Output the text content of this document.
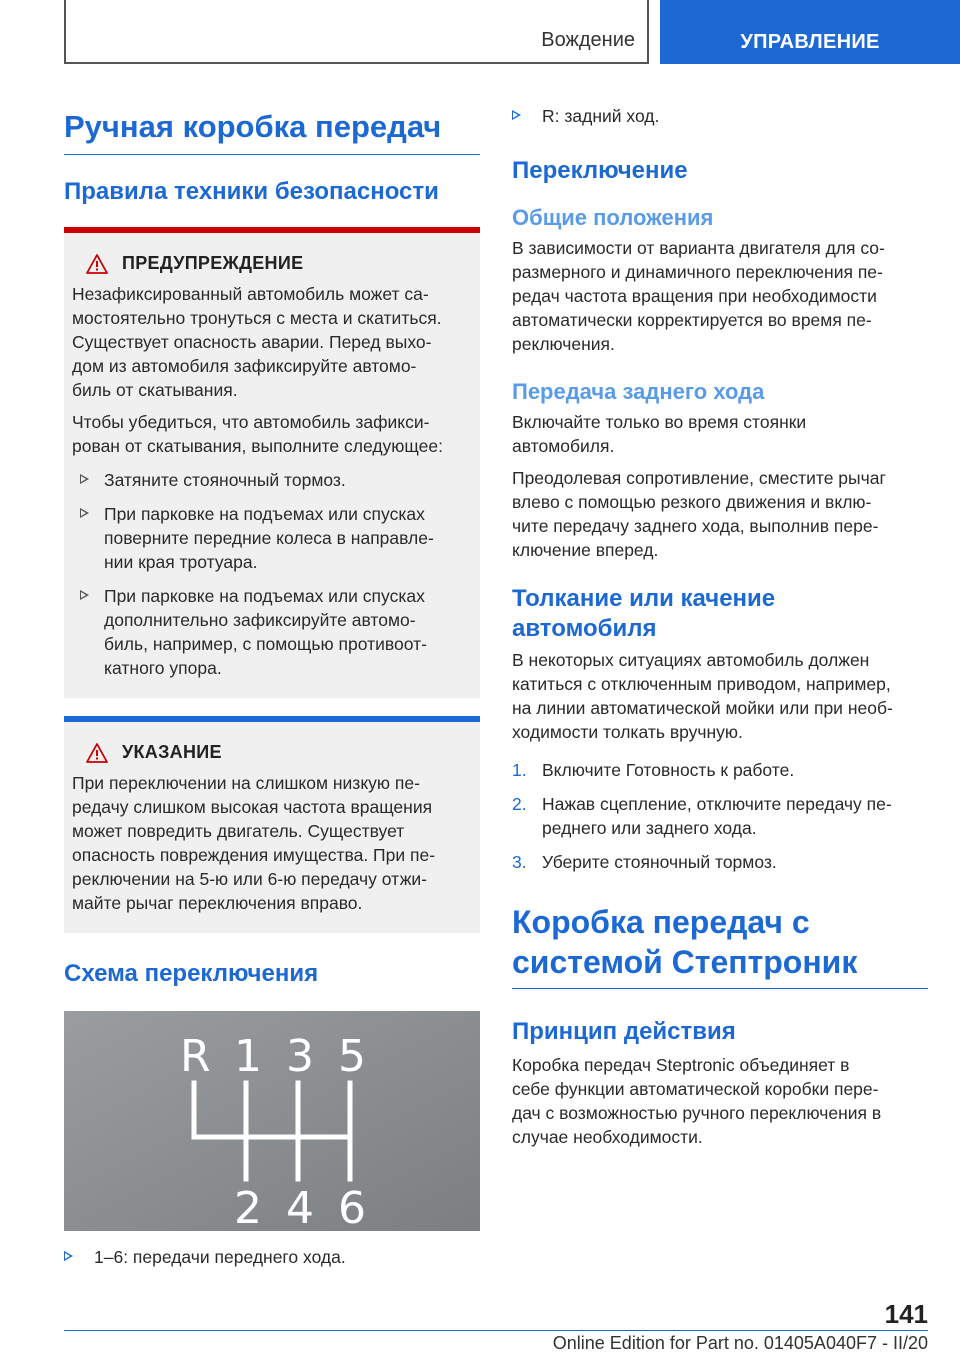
Вождение	УПРАВЛЕНИЕ
Ручная коробка передач
Правила техники безопасности
ПРЕДУПРЕЖДЕНИЕ
Незафиксированный автомобиль может са-
мостоятельно тронуться с места и скатиться.
Существует опасность аварии. Перед выхо-
дом из автомобиля зафиксируйте автомо-
биль от скатывания.
Чтобы убедиться, что автомобиль зафикси-
рован от скатывания, выполните следующее:
Затяните стояночный тормоз.
При парковке на подъемах или спусках
поверните передние колеса в направле-
нии края тротуара.
При парковке на подъемах или спусках
дополнительно зафиксируйте автомо-
биль, например, с помощью противоот-
катного упора.
УКАЗАНИЕ
При переключении на слишком низкую пе-
редачу слишком высокая частота вращения
может повредить двигатель. Существует
опасность повреждения имущества. При пе-
реключении на 5-ю или 6-ю передачу отжи-
майте рычаг переключения вправо.
Схема переключения
R 1 3 5
2 4 6
1–6: передачи переднего хода.
R: задний ход.
Переключение
Общие положения
В зависимости от варианта двигателя для со-
размерного и динамичного переключения пе-
редач частота вращения при необходимости
автоматически корректируется во время пе-
реключения.
Передача заднего хода
Включайте только во время стоянки
автомобиля.
Преодолевая сопротивление, сместите рычаг
влево с помощью резкого движения и вклю-
чите передачу заднего хода, выполнив пере-
ключение вперед.
Толкание или качение
автомобиля
В некоторых ситуациях автомобиль должен
катиться с отключенным приводом, например,
на линии автоматической мойки или при необ-
ходимости толкать вручную.
1. Включите Готовность к работе.
2. Нажав сцепление, отключите передачу пе-
реднего или заднего хода.
3. Уберите стояночный тормоз.
Коробка передач с
системой Стептроник
Принцип действия
Коробка передач Steptronic объединяет в
себе функции автоматической коробки пере-
дач с возможностью ручного переключения в
случае необходимости.
141
Online Edition for Part no. 01405A040F7 - II/20
